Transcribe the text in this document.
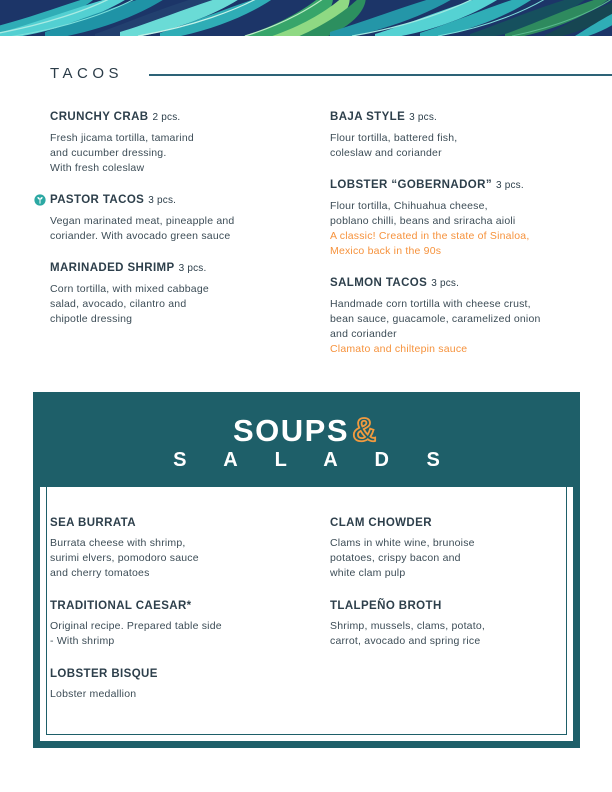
TACOS
CRUNCHY CRAB 2 pcs.
Fresh jicama tortilla, tamarind
and cucumber dressing.
With fresh coleslaw
PASTOR TACOS 3 pcs.
Vegan marinated meat, pineapple and
coriander. With avocado green sauce
MARINADED SHRIMP 3 pcs.
Corn tortilla, with mixed cabbage
salad, avocado, cilantro and
chipotle dressing
BAJA STYLE 3 pcs.
Flour tortilla, battered fish,
coleslaw and coriander
LOBSTER “GOBERNADOR” 3 pcs.
Flour tortilla, Chihuahua cheese,
poblano chilli, beans and sriracha aioli
A classic! Created in the state of Sinaloa,
Mexico back in the 90s
SALMON TACOS 3 pcs.
Handmade corn tortilla with cheese crust,
bean sauce, guacamole, caramelized onion
and coriander
Clamato and chiltepin sauce
SOUPS &
S A L A D S
SEA BURRATA
Burrata cheese with shrimp,
surimi elvers, pomodoro sauce
and cherry tomatoes
TRADITIONAL CAESAR*
Original recipe. Prepared table side
- With shrimp
LOBSTER BISQUE
Lobster medallion
CLAM CHOWDER
Clams in white wine, brunoise
potatoes, crispy bacon and
white clam pulp
TLALPEÑO BROTH
Shrimp, mussels, clams, potato,
carrot, avocado and spring rice
